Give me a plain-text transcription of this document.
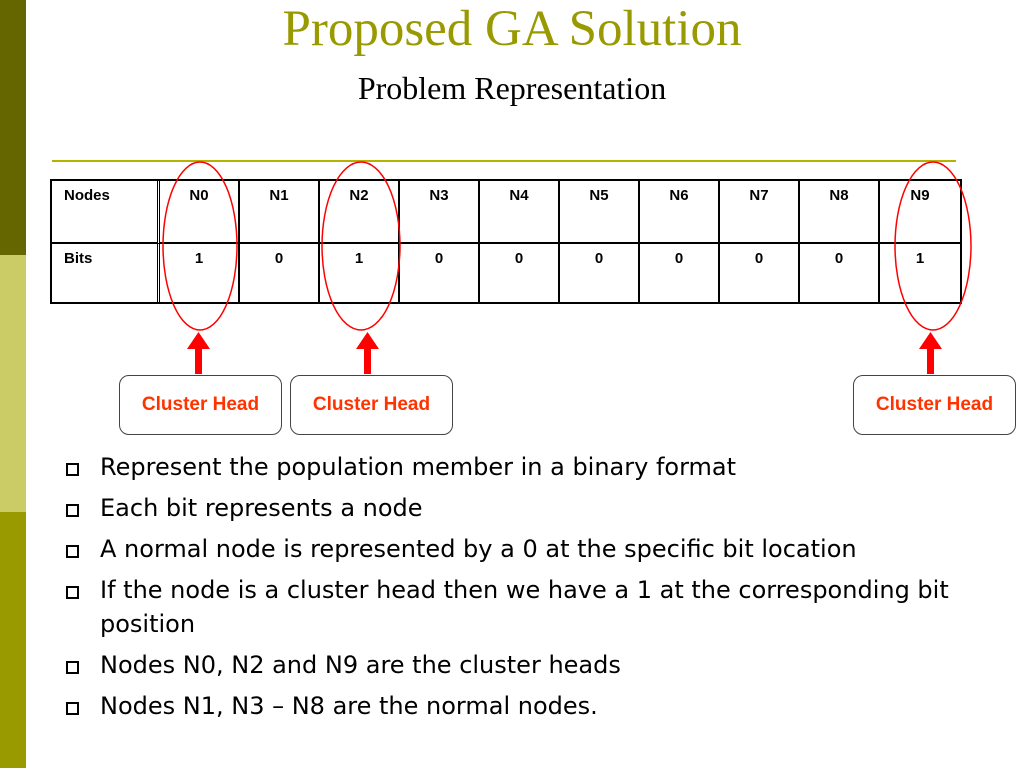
Proposed GA Solution
Problem Representation
Nodes	N0	N1	N2	N3	N4	N5	N6	N7	N8	N9
Bits	1	0	1	0	0	0	0	0	0	1
Cluster Head	Cluster Head	Cluster Head
Represent the population member in a binary format
Each bit represents a node
A normal node is represented by a 0 at the specific bit location
If the node is a cluster head then we have a 1 at the corresponding bit position
Nodes N0, N2 and N9 are the cluster heads
Nodes N1, N3 – N8 are the normal nodes.
